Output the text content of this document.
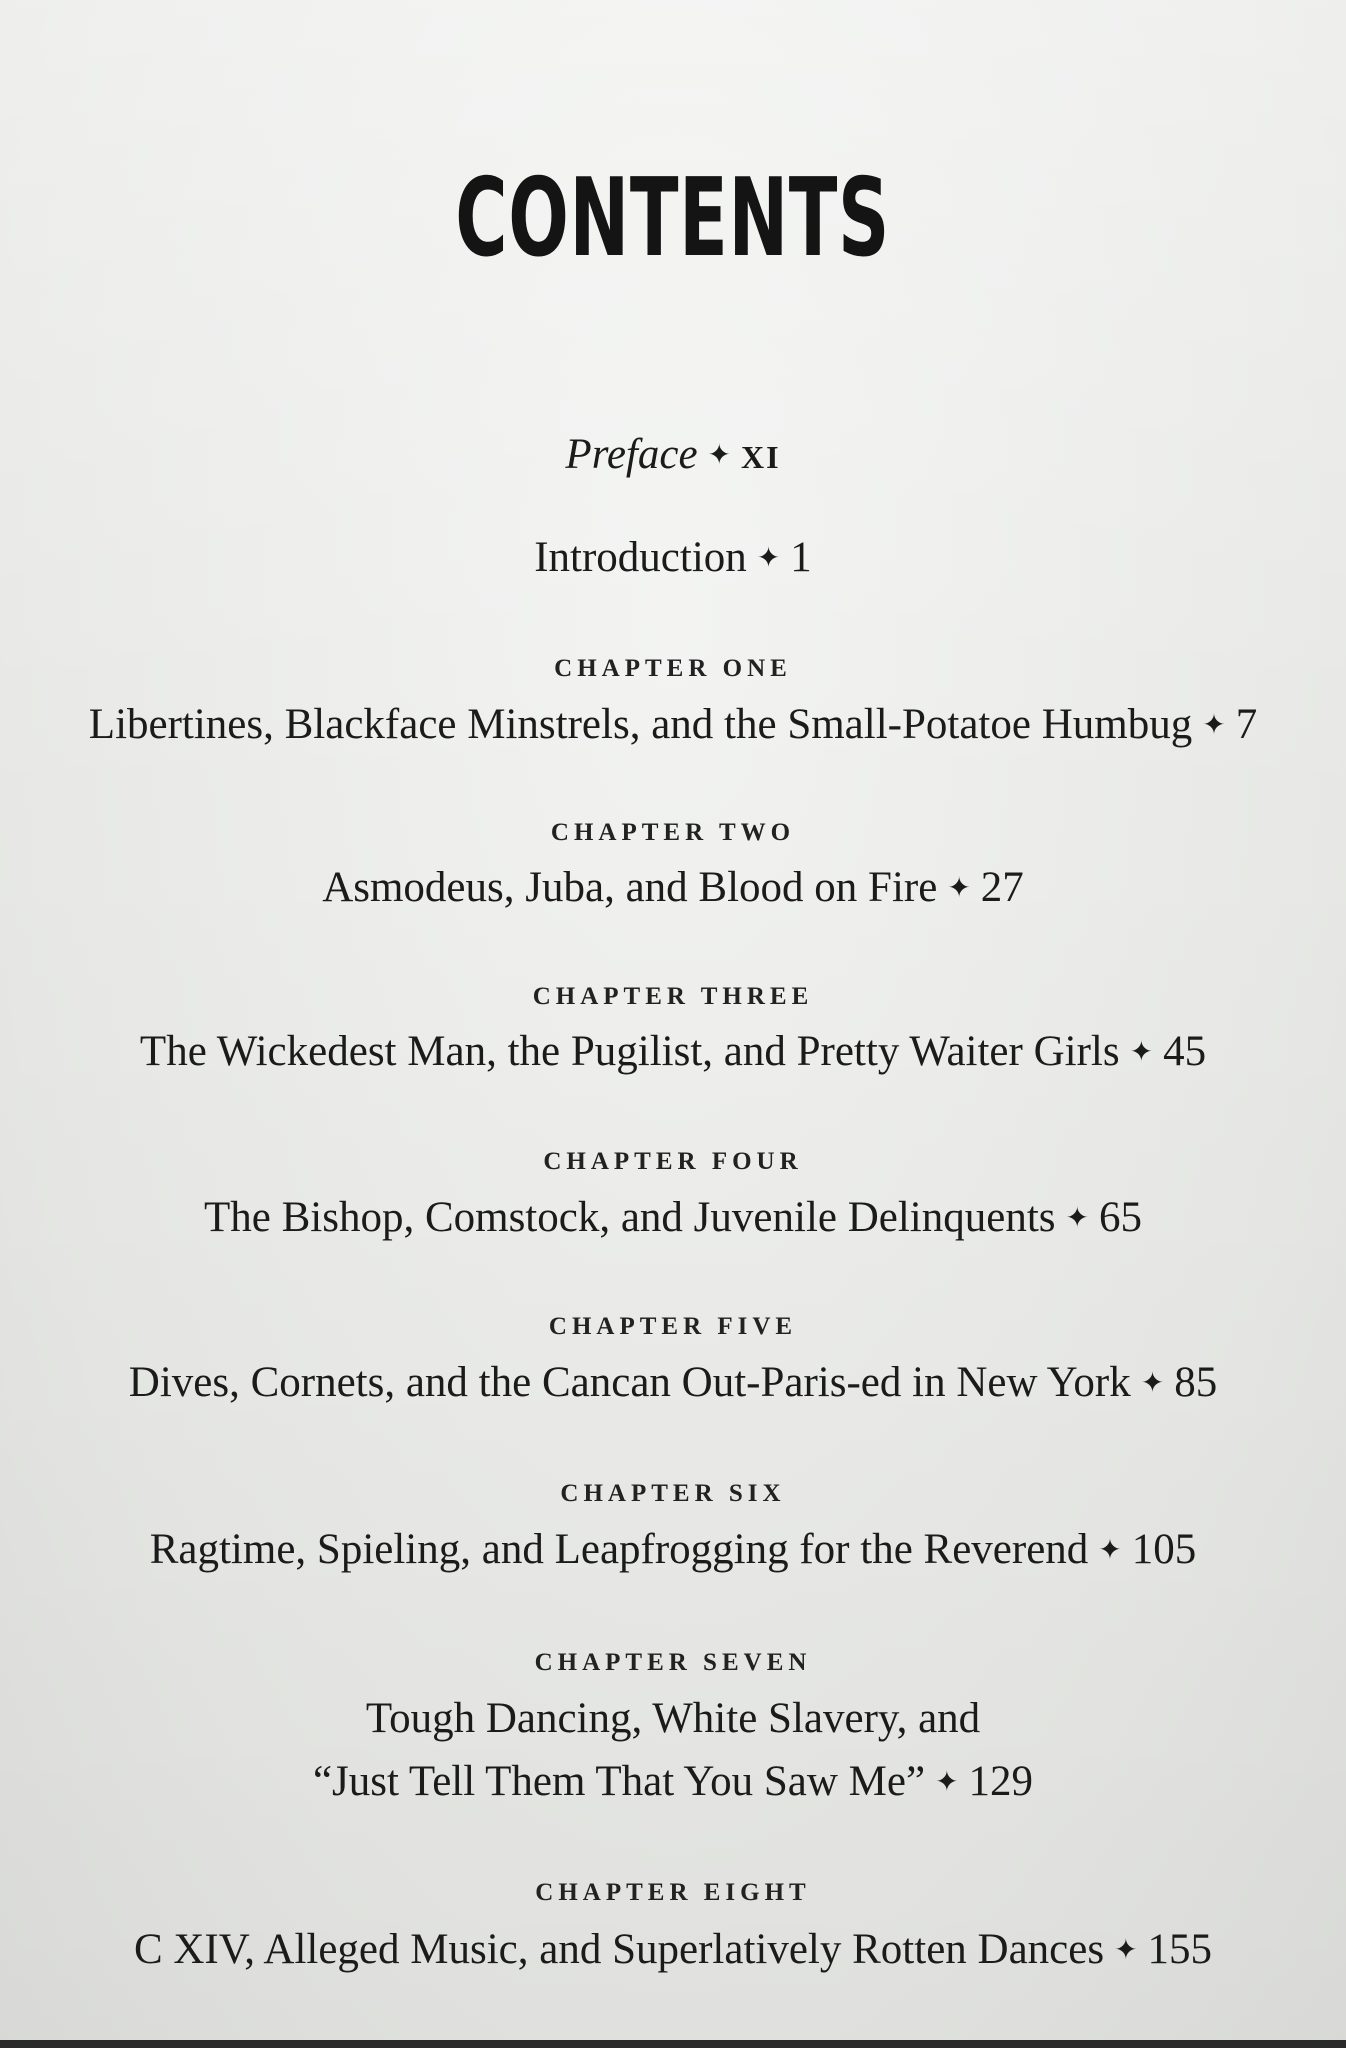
CONTENTS
Preface ✦ XI
Introduction ✦ 1
CHAPTER ONE
Libertines, Blackface Minstrels, and the Small-Potatoe Humbug ✦ 7
CHAPTER TWO
Asmodeus, Juba, and Blood on Fire ✦ 27
CHAPTER THREE
The Wickedest Man, the Pugilist, and Pretty Waiter Girls ✦ 45
CHAPTER FOUR
The Bishop, Comstock, and Juvenile Delinquents ✦ 65
CHAPTER FIVE
Dives, Cornets, and the Cancan Out-Paris-ed in New York ✦ 85
CHAPTER SIX
Ragtime, Spieling, and Leapfrogging for the Reverend ✦ 105
CHAPTER SEVEN
Tough Dancing, White Slavery, and
“Just Tell Them That You Saw Me” ✦ 129
CHAPTER EIGHT
C XIV, Alleged Music, and Superlatively Rotten Dances ✦ 155
